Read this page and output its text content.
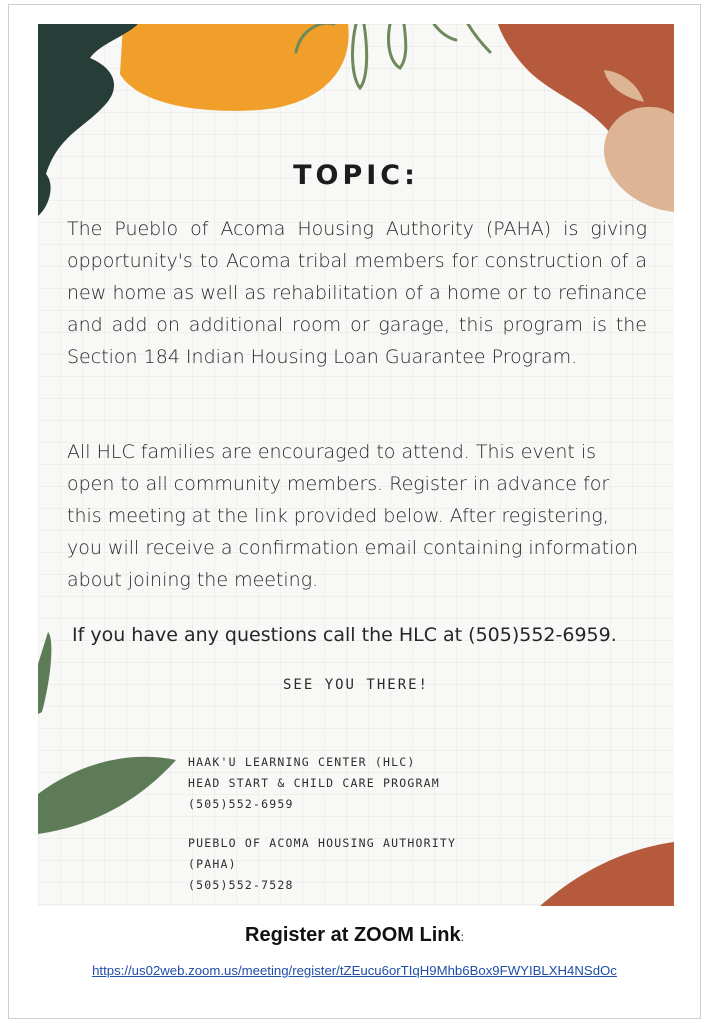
TOPIC:

The Pueblo of Acoma Housing Authority (PAHA) is giving opportunity's to Acoma tribal members for construction of a new home as well as rehabilitation of a home or to refinance and add on additional room or garage, this program is the Section 184 Indian Housing Loan Guarantee Program.

All HLC families are encouraged to attend. This event is open to all community members. Register in advance for this meeting at the link provided below. After registering, you will receive a confirmation email containing information about joining the meeting.

If you have any questions call the HLC at (505)552-6959.
SEE YOU THERE!
HAAK'U LEARNING CENTER (HLC)
HEAD START & CHILD CARE PROGRAM
(505)552-6959
PUEBLO OF ACOMA HOUSING AUTHORITY
(PAHA)
(505)552-7528
Register at ZOOM Link:
https://us02web.zoom.us/meeting/register/tZEucu6orTIqH9Mhb6Box9FWYIBLXH4NSdOc
